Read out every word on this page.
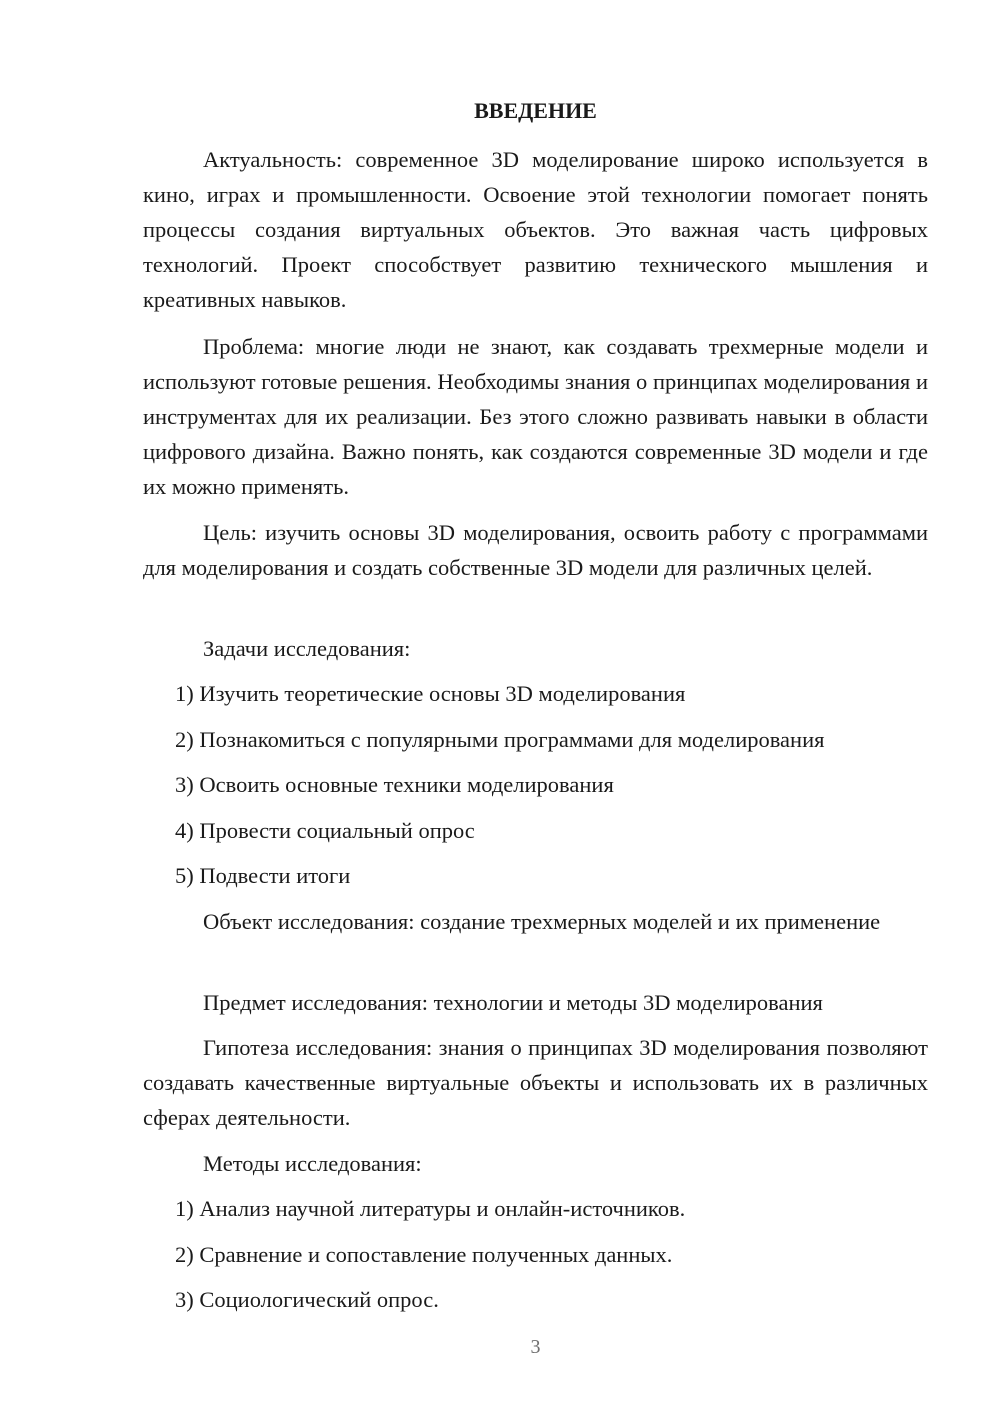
ВВЕДЕНИЕ

Актуальность: современное 3D моделирование широко используется в кино, играх и промышленности. Освоение этой технологии помогает понять процессы создания виртуальных объектов. Это важная часть цифровых технологий. Проект способствует развитию технического мышления и креативных навыков.

Проблема: многие люди не знают, как создавать трехмерные модели и используют готовые решения. Необходимы знания о принципах моделирования и инструментах для их реализации. Без этого сложно развивать навыки в области цифрового дизайна. Важно понять, как создаются современные 3D модели и где их можно применять.

Цель: изучить основы 3D моделирования, освоить работу с программами для моделирования и создать собственные 3D модели для различных целей.

Задачи исследования:

1) Изучить теоретические основы 3D моделирования

2) Познакомиться с популярными программами для моделирования

3) Освоить основные техники моделирования

4) Провести социальный опрос

5) Подвести итоги

Объект исследования: создание трехмерных моделей и их применение

Предмет исследования: технологии и методы 3D моделирования

Гипотеза исследования: знания о принципах 3D моделирования позволяют создавать качественные виртуальные объекты и использовать их в различных сферах деятельности.

Методы исследования:

1) Анализ научной литературы и онлайн-источников.

2) Сравнение и сопоставление полученных данных.

3) Социологический опрос.

3
